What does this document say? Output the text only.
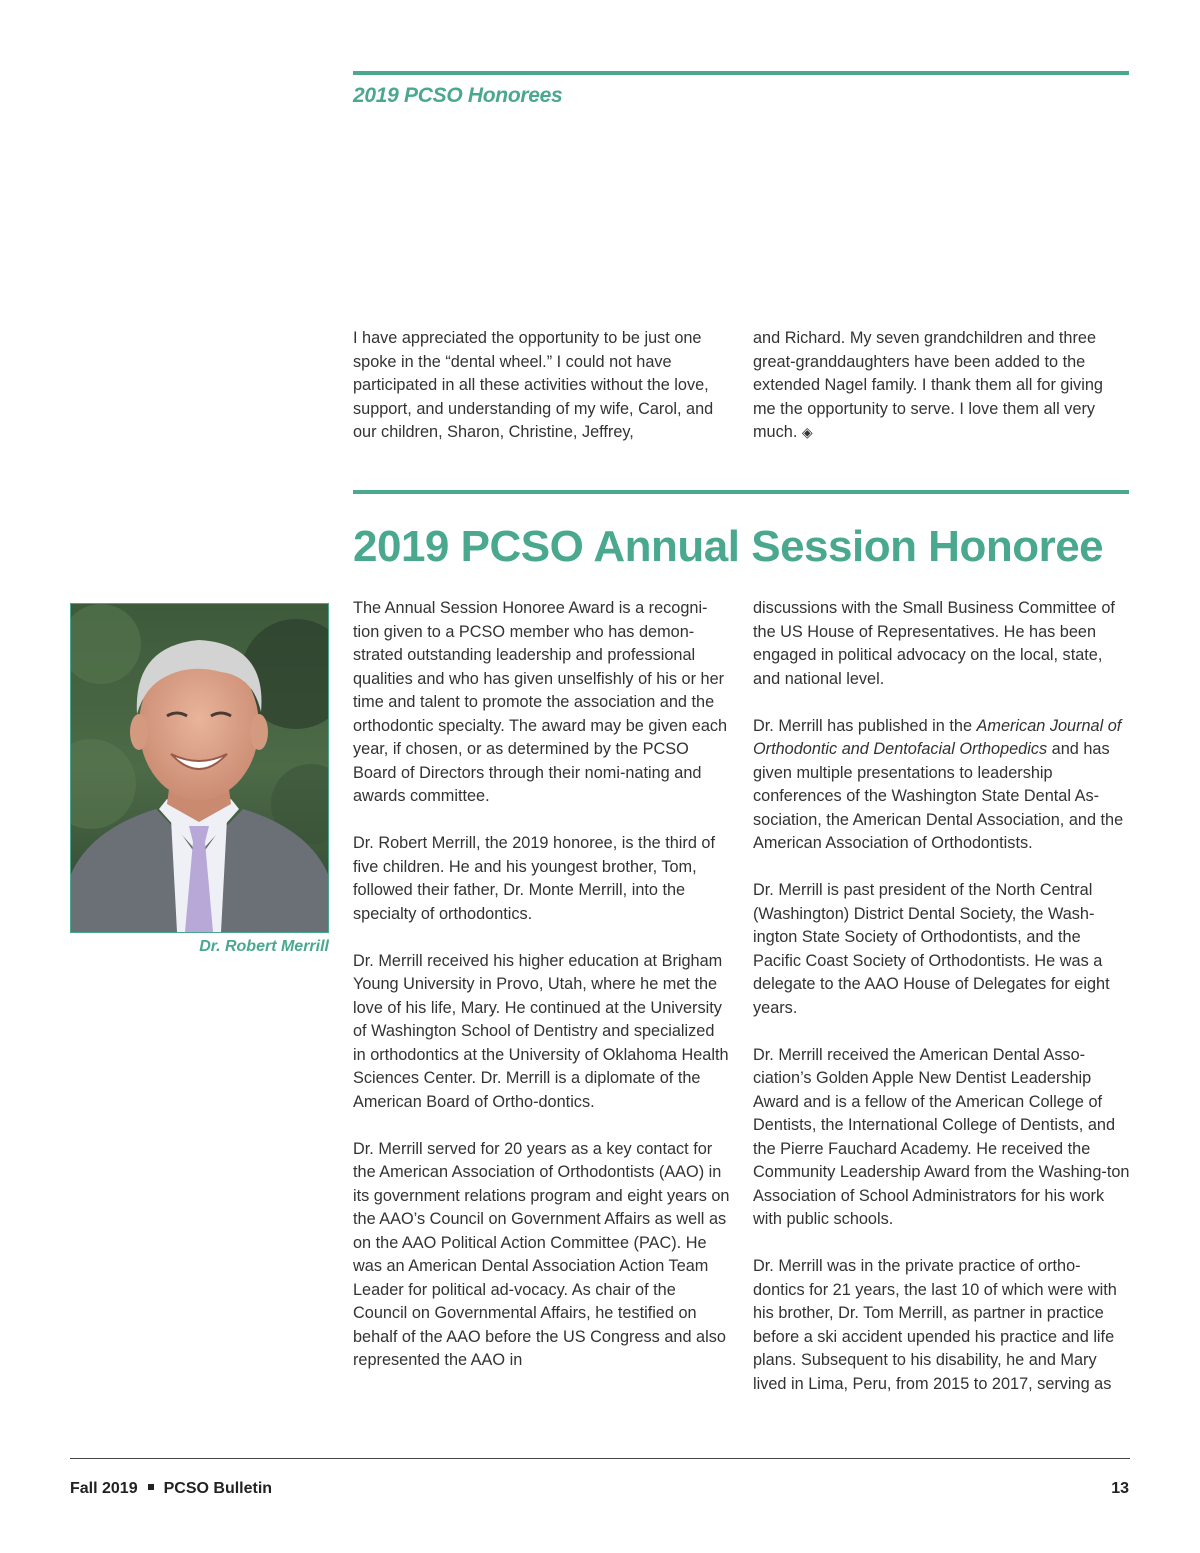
2019 PCSO Honorees

I have appreciated the opportunity to be just one spoke in the “dental wheel.” I could not have participated in all these activities without the love, support, and understanding of my wife, Carol, and our children, Sharon, Christine, Jeffrey,

and Richard. My seven grandchildren and three great-granddaughters have been added to the extended Nagel family. I thank them all for giving me the opportunity to serve. I love them all very much. ◈

2019 PCSO Annual Session Honoree
Dr. Robert Merrill

The Annual Session Honoree Award is a recogni-tion given to a PCSO member who has demon-strated outstanding leadership and professional qualities and who has given unselfishly of his or her time and talent to promote the association and the orthodontic specialty. The award may be given each year, if chosen, or as determined by the PCSO Board of Directors through their nomi-nating and awards committee.

Dr. Robert Merrill, the 2019 honoree, is the third of five children. He and his youngest brother, Tom, followed their father, Dr. Monte Merrill, into the specialty of orthodontics.

Dr. Merrill received his higher education at Brigham Young University in Provo, Utah, where he met the love of his life, Mary. He continued at the University of Washington School of Dentistry and specialized in orthodontics at the University of Oklahoma Health Sciences Center. Dr. Merrill is a diplomate of the American Board of Ortho-dontics.

Dr. Merrill served for 20 years as a key contact for the American Association of Orthodontists (AAO) in its government relations program and eight years on the AAO’s Council on Government Affairs as well as on the AAO Political Action Committee (PAC). He was an American Dental Association Action Team Leader for political ad-vocacy. As chair of the Council on Governmental Affairs, he testified on behalf of the AAO before the US Congress and also represented the AAO in

discussions with the Small Business Committee of the US House of Representatives. He has been engaged in political advocacy on the local, state, and national level.

Dr. Merrill has published in the American Journal of Orthodontic and Dentofacial Orthopedics and has given multiple presentations to leadership conferences of the Washington State Dental As-sociation, the American Dental Association, and the American Association of Orthodontists.

Dr. Merrill is past president of the North Central (Washington) District Dental Society, the Wash-ington State Society of Orthodontists, and the Pacific Coast Society of Orthodontists. He was a delegate to the AAO House of Delegates for eight years.

Dr. Merrill received the American Dental Asso-ciation’s Golden Apple New Dentist Leadership Award and is a fellow of the American College of Dentists, the International College of Dentists, and the Pierre Fauchard Academy. He received the Community Leadership Award from the Washing-ton Association of School Administrators for his work with public schools.

Dr. Merrill was in the private practice of ortho-dontics for 21 years, the last 10 of which were with his brother, Dr. Tom Merrill, as partner in practice before a ski accident upended his practice and life plans. Subsequent to his disability, he and Mary lived in Lima, Peru, from 2015 to 2017, serving as

Fall 2019 PCSO Bulletin	13
